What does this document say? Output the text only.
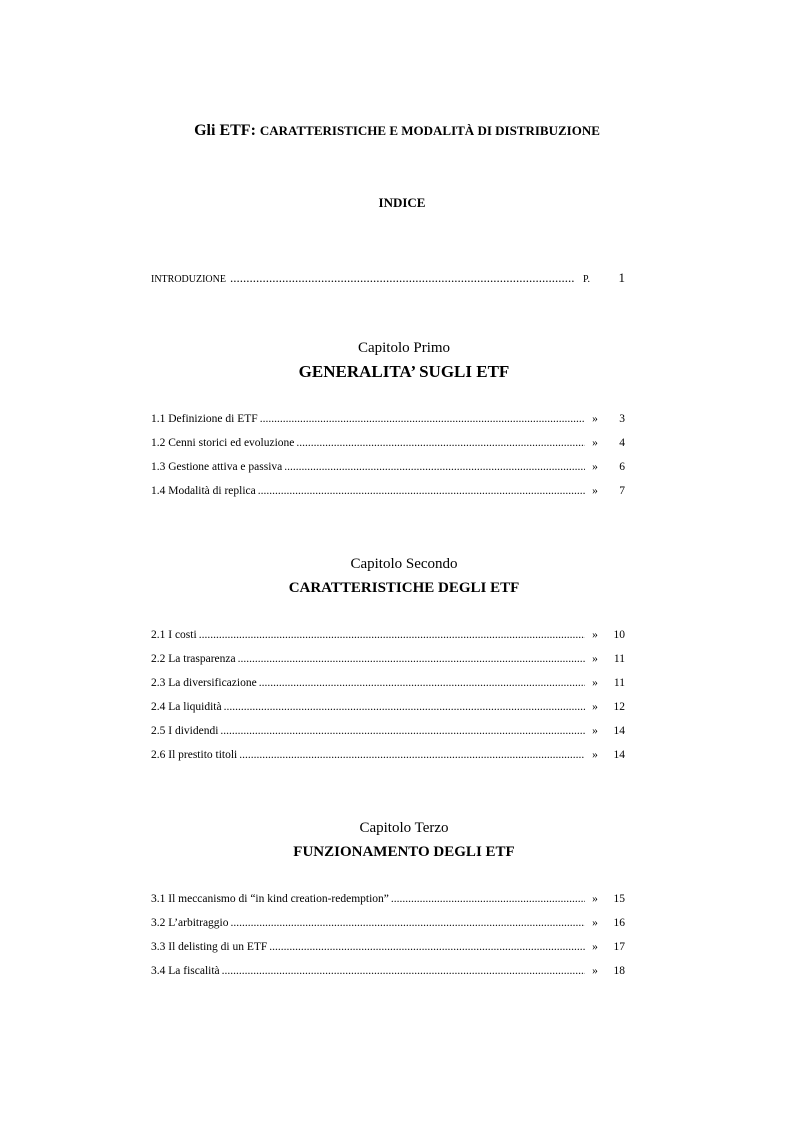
Gli ETF: CARATTERISTICHE E MODALITÀ DI DISTRIBUZIONE
INDICE
INTRODUZIONE .....	P.	1
Capitolo Primo
GENERALITA’ SUGLI ETF
1.1 Definizione di ETF .....	»	3
1.2 Cenni storici ed evoluzione .....	»	4
1.3 Gestione attiva e passiva .....	»	6
1.4 Modalità di replica .....	»	7
Capitolo Secondo
CARATTERISTICHE DEGLI ETF
2.1 I costi .....	»	10
2.2 La trasparenza .....	»	11
2.3 La diversificazione .....	»	11
2.4 La liquidità .....	»	12
2.5 I dividendi .....	»	14
2.6 Il prestito titoli .....	»	14
Capitolo Terzo
FUNZIONAMENTO DEGLI ETF
3.1 Il meccanismo di “in kind creation-redemption” .....	»	15
3.2 L’arbitraggio .....	»	16
3.3 Il delisting di un ETF .....	»	17
3.4 La fiscalità .....	»	18
